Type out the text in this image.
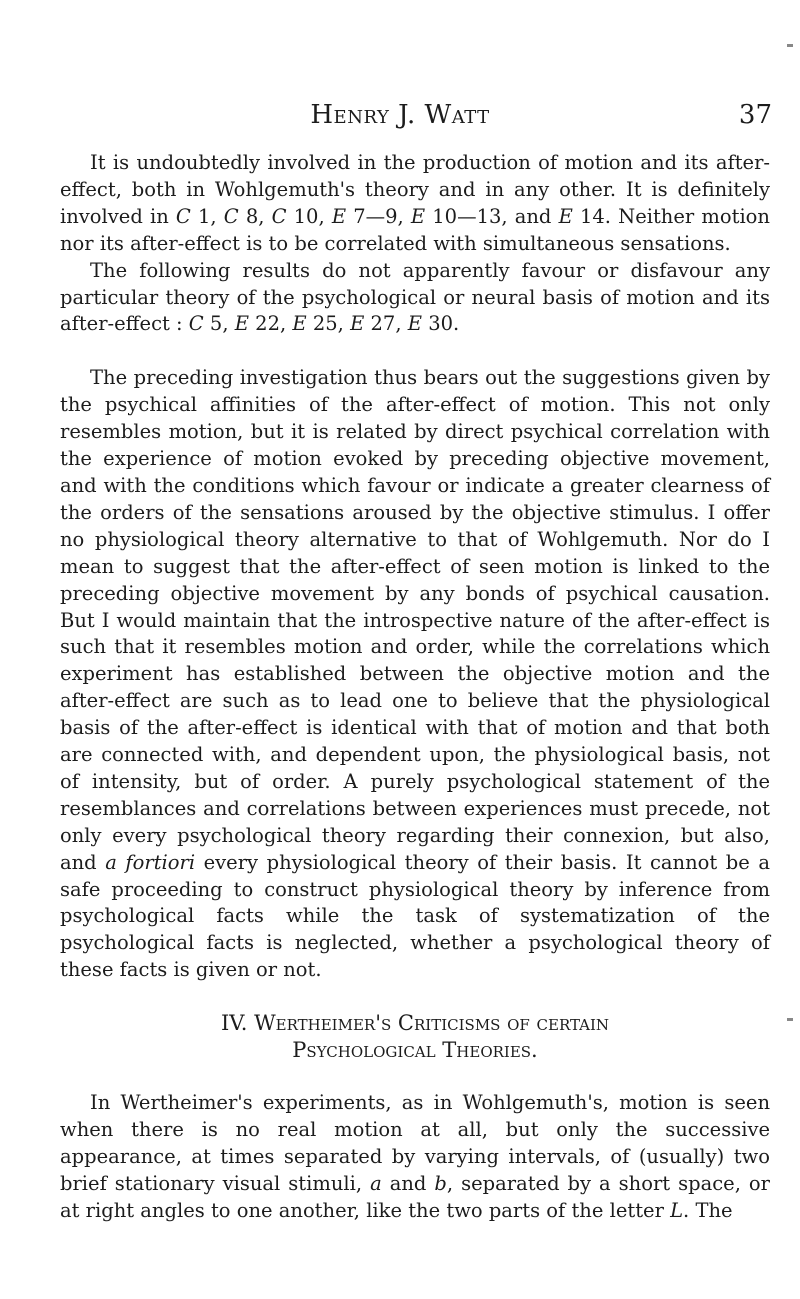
Henry J. Watt	37

It is undoubtedly involved in the production of motion and its after-effect, both in Wohlgemuth's theory and in any other. It is definitely involved in C 1, C 8, C 10, E 7—9, E 10—13, and E 14. Neither motion nor its after-effect is to be correlated with simultaneous sensations.

The following results do not apparently favour or disfavour any particular theory of the psychological or neural basis of motion and its after-effect : C 5, E 22, E 25, E 27, E 30.

The preceding investigation thus bears out the suggestions given by the psychical affinities of the after-effect of motion. This not only resembles motion, but it is related by direct psychical correlation with the experience of motion evoked by preceding objective movement, and with the conditions which favour or indicate a greater clearness of the orders of the sensations aroused by the objective stimulus. I offer no physiological theory alternative to that of Wohlgemuth. Nor do I mean to suggest that the after-effect of seen motion is linked to the preceding objective movement by any bonds of psychical causation. But I would maintain that the introspective nature of the after-effect is such that it resembles motion and order, while the correlations which experiment has established between the objective motion and the after-effect are such as to lead one to believe that the physiological basis of the after-effect is identical with that of motion and that both are connected with, and dependent upon, the physiological basis, not of intensity, but of order. A purely psychological statement of the resemblances and correlations between experiences must precede, not only every psychological theory regarding their connexion, but also, and a fortiori every physiological theory of their basis. It cannot be a safe proceeding to construct physiological theory by inference from psychological facts while the task of systematization of the psychological facts is neglected, whether a psychological theory of these facts is given or not.

IV. Wertheimer's Criticisms of certain
Psychological Theories.

In Wertheimer's experiments, as in Wohlgemuth's, motion is seen when there is no real motion at all, but only the successive appearance, at times separated by varying intervals, of (usually) two brief stationary visual stimuli, a and b, separated by a short space, or at right angles to one another, like the two parts of the letter L. The
